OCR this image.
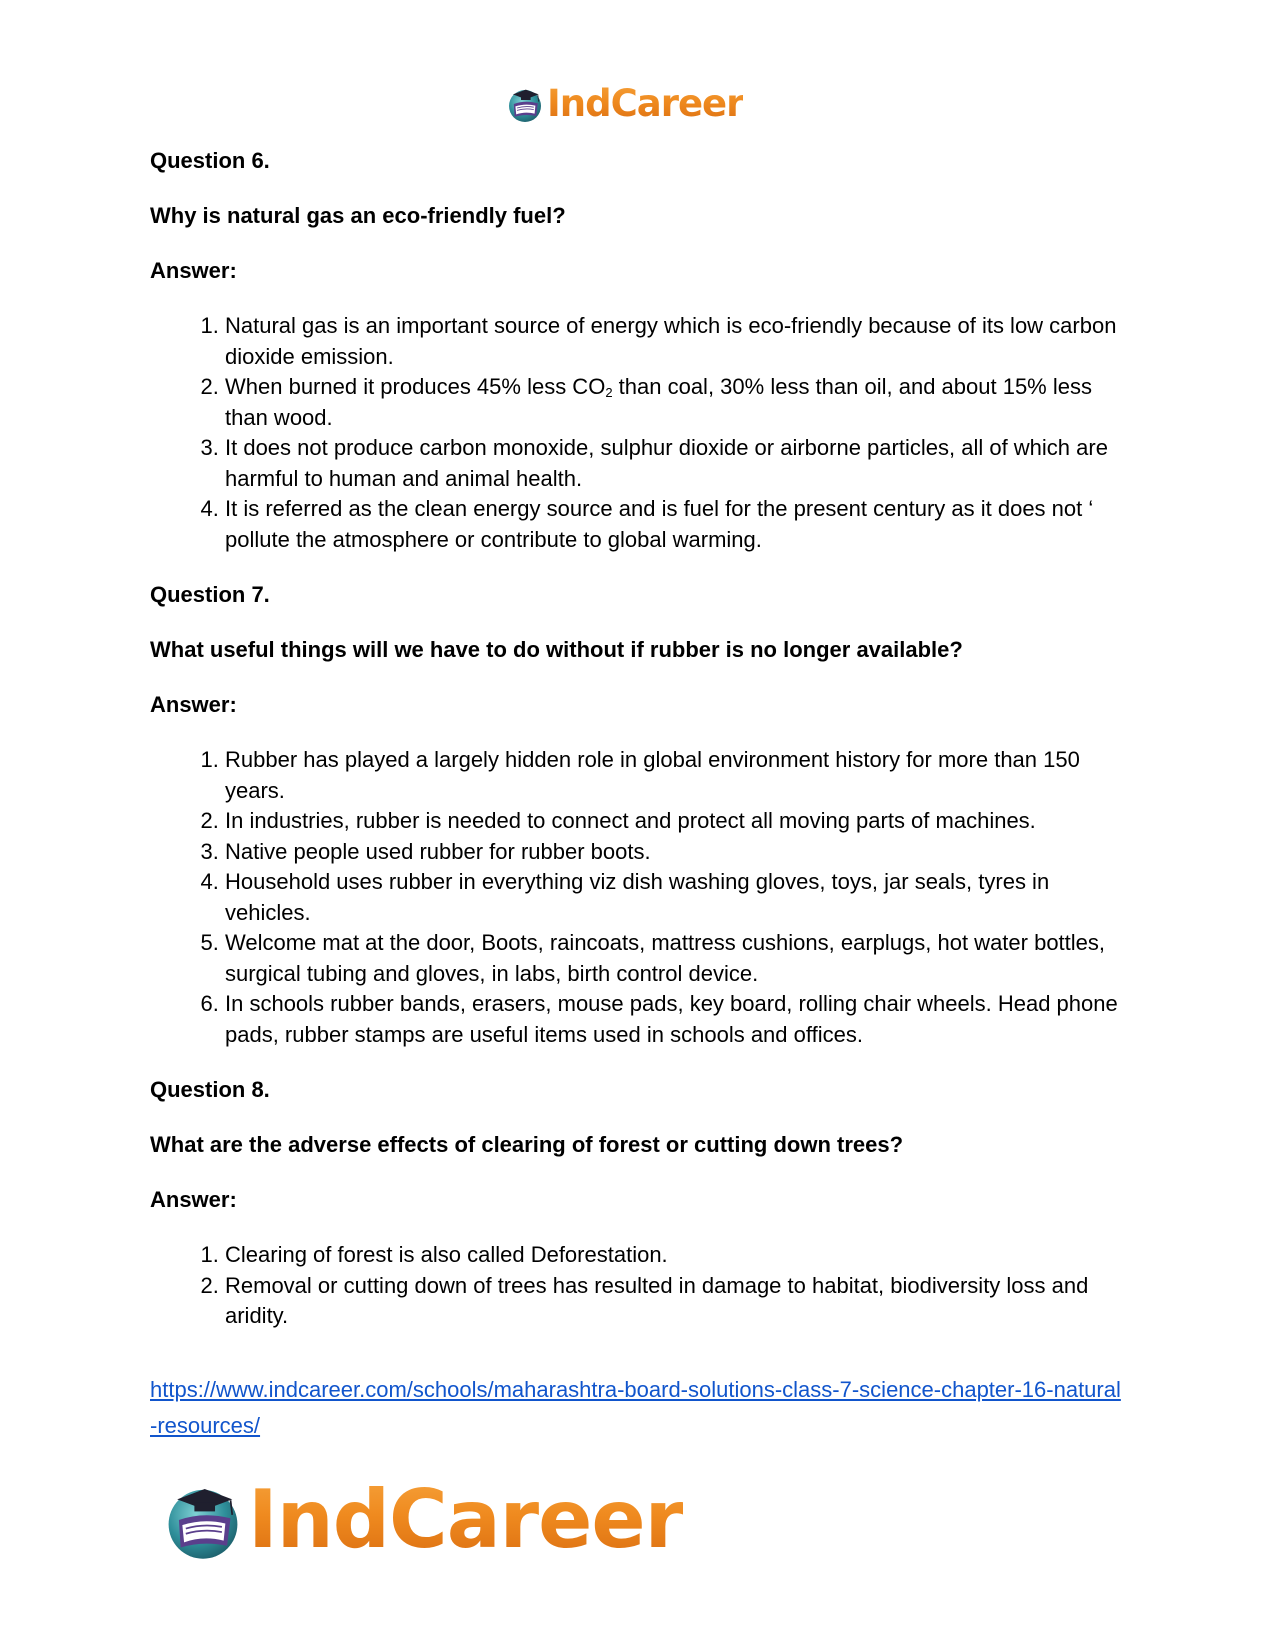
IndCareer
Question 6.
Why is natural gas an eco-friendly fuel?
Answer:
1. Natural gas is an important source of energy which is eco-friendly because of its low carbon dioxide emission.
2. When burned it produces 45% less $CO_2$ than coal, 30% less than oil, and about 15% less than wood.
3. It does not produce carbon monoxide, sulphur dioxide or airborne particles, all of which are harmful to human and animal health.
4. It is referred as the clean energy source and is fuel for the present century as it does not ‘ pollute the atmosphere or contribute to global warming.
Question 7.
What useful things will we have to do without if rubber is no longer available?
Answer:
1. Rubber has played a largely hidden role in global environment history for more than 150 years.
2. In industries, rubber is needed to connect and protect all moving parts of machines.
3. Native people used rubber for rubber boots.
4. Household uses rubber in everything viz dish washing gloves, toys, jar seals, tyres in vehicles.
5. Welcome mat at the door, Boots, raincoats, mattress cushions, earplugs, hot water bottles, surgical tubing and gloves, in labs, birth control device.
6. In schools rubber bands, erasers, mouse pads, key board, rolling chair wheels. Head phone pads, rubber stamps are useful items used in schools and offices.
Question 8.
What are the adverse effects of clearing of forest or cutting down trees?
Answer:
1. Clearing of forest is also called Deforestation.
2. Removal or cutting down of trees has resulted in damage to habitat, biodiversity loss and aridity.
https://www.indcareer.com/schools/maharashtra-board-solutions-class-7-science-chapter-16-natural-resources/
IndCareer
